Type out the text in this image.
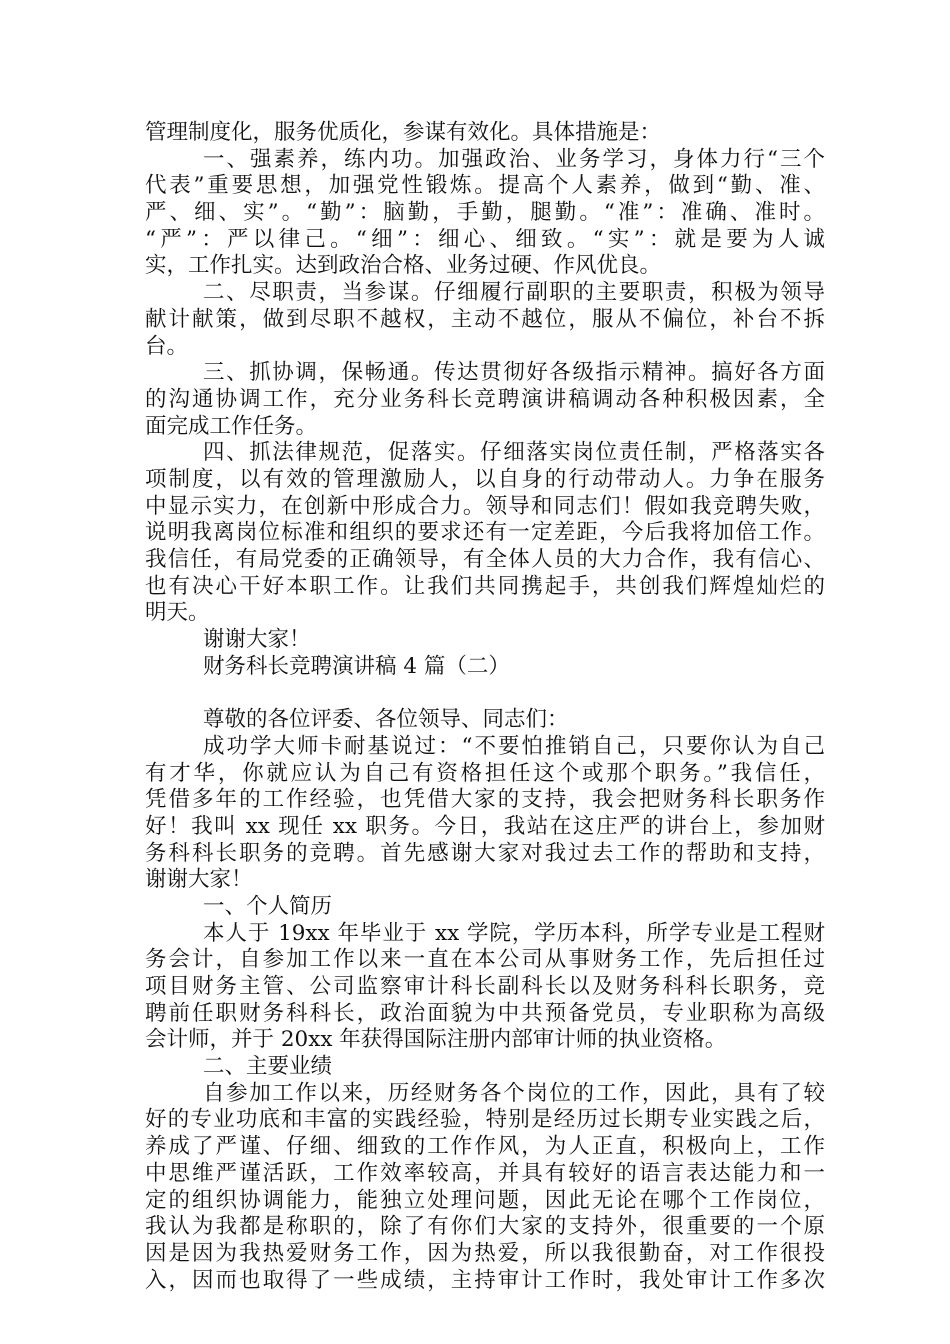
管理制度化，服务优质化，参谋有效化。具体措施是：
一、强素养，练内功。加强政治、业务学习，身体力行“三个
代表”重要思想，加强党性锻炼。提高个人素养，做到“勤、准、
严、细、实”。“勤”：脑勤，手勤，腿勤。“准”：准确、准时。
“严”：严以律己。“细”：细心、细致。“实”：就是要为人诚
实，工作扎实。达到政治合格、业务过硬、作风优良。
二、尽职责，当参谋。仔细履行副职的主要职责，积极为领导
献计献策，做到尽职不越权，主动不越位，服从不偏位，补台不拆
台。
三、抓协调，保畅通。传达贯彻好各级指示精神。搞好各方面
的沟通协调工作，充分业务科长竞聘演讲稿调动各种积极因素，全
面完成工作任务。
四、抓法律规范，促落实。仔细落实岗位责任制，严格落实各
项制度，以有效的管理激励人，以自身的行动带动人。力争在服务
中显示实力，在创新中形成合力。领导和同志们！假如我竞聘失败，
说明我离岗位标准和组织的要求还有一定差距，今后我将加倍工作。
我信任，有局党委的正确领导，有全体人员的大力合作，我有信心、
也有决心干好本职工作。让我们共同携起手，共创我们辉煌灿烂的
明天。
谢谢大家！
财务科长竞聘演讲稿 4 篇（二）
尊敬的各位评委、各位领导、同志们：
成功学大师卡耐基说过：“不要怕推销自己，只要你认为自己
有才华，你就应认为自己有资格担任这个或那个职务。”我信任，
凭借多年的工作经验，也凭借大家的支持，我会把财务科长职务作
好！我叫 xx 现任 xx 职务。今日，我站在这庄严的讲台上，参加财
务科科长职务的竞聘。首先感谢大家对我过去工作的帮助和支持，
谢谢大家！
一、个人简历
本人于 19xx 年毕业于 xx 学院，学历本科，所学专业是工程财
务会计，自参加工作以来一直在本公司从事财务工作，先后担任过
项目财务主管、公司监察审计科长副科长以及财务科科长职务，竞
聘前任职财务科科长，政治面貌为中共预备党员，专业职称为高级
会计师，并于 20xx 年获得国际注册内部审计师的执业资格。
二、主要业绩
自参加工作以来，历经财务各个岗位的工作，因此，具有了较
好的专业功底和丰富的实践经验，特别是经历过长期专业实践之后，
养成了严谨、仔细、细致的工作作风，为人正直，积极向上，工作
中思维严谨活跃，工作效率较高，并具有较好的语言表达能力和一
定的组织协调能力，能独立处理问题，因此无论在哪个工作岗位，
我认为我都是称职的，除了有你们大家的支持外，很重要的一个原
因是因为我热爱财务工作，因为热爱，所以我很勤奋，对工作很投
入，因而也取得了一些成绩，主持审计工作时，我处审计工作多次
